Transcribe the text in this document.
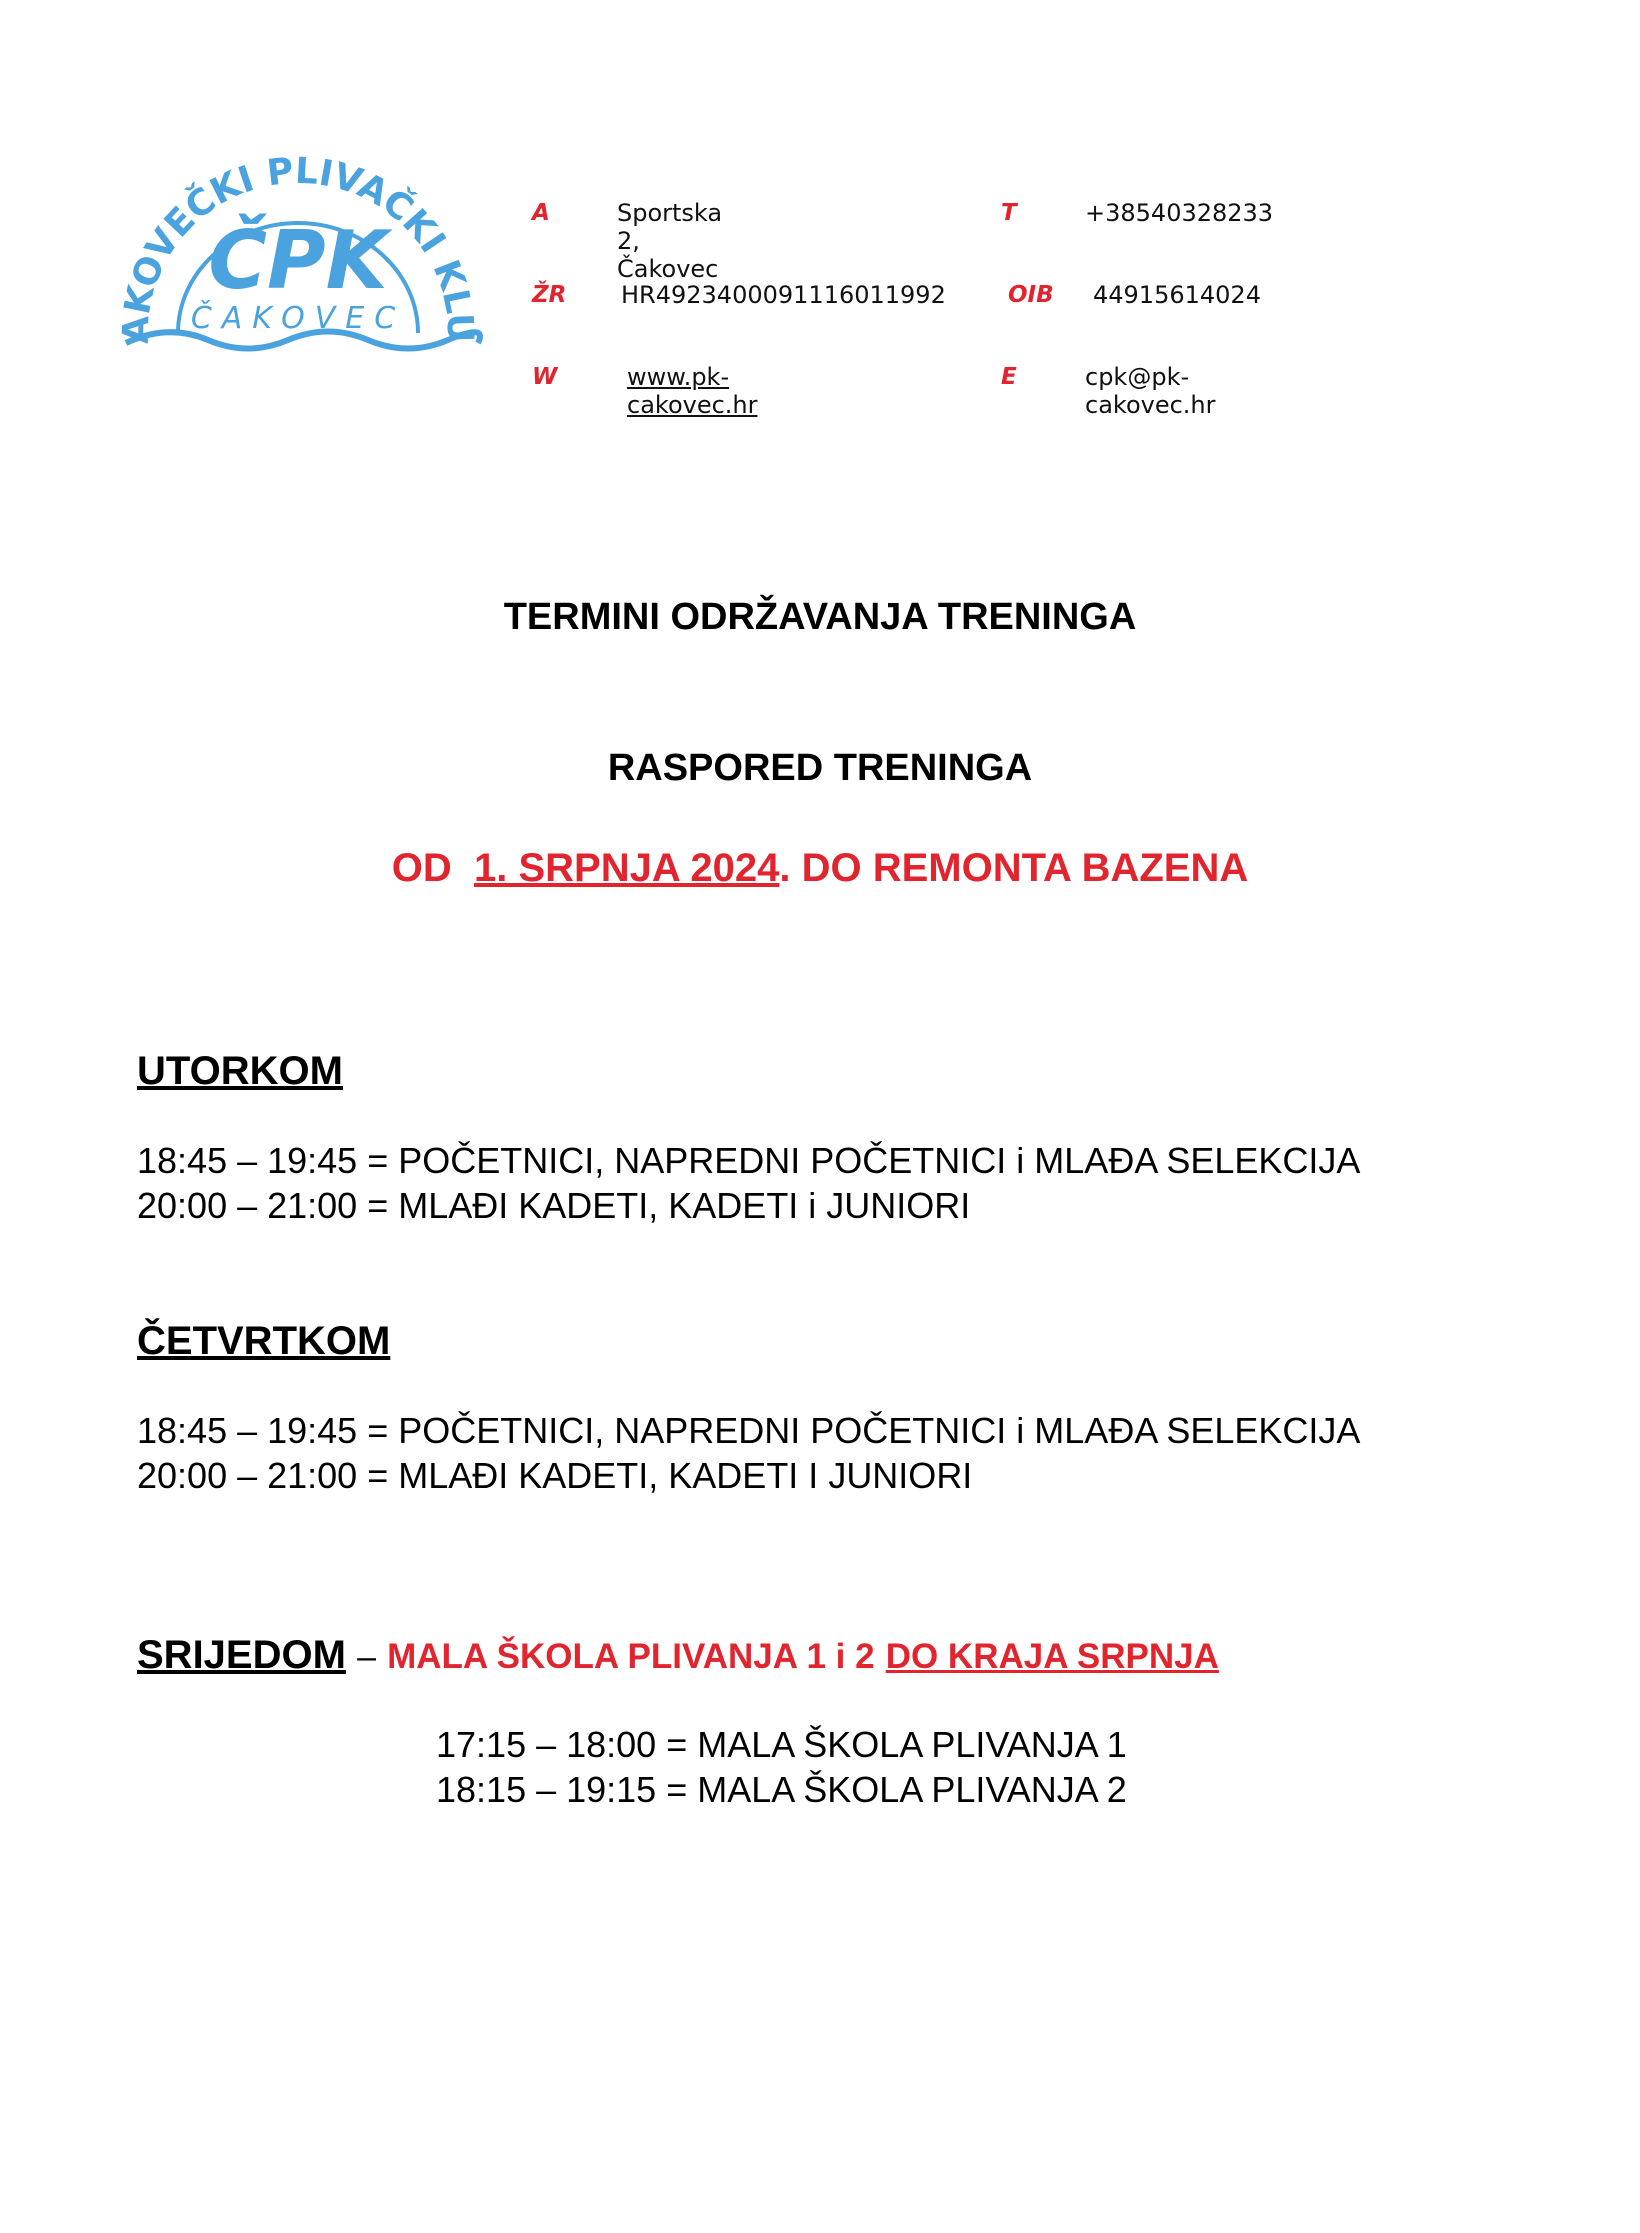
AKOVEČKI PLIVAČKI KLU
ČPK
ČAKOVEC
A	Sportska 2, Čakovec
T	+38540328233
ŽR HR4923400091116011992	OIB 44915614024
W	www.pk-cakovec.hr
E	cpk@pk-cakovec.hr
TERMINI ODRŽAVANJA TRENINGA
RASPORED TRENINGA
OD 1. SRPNJA 2024. DO REMONTA BAZENA
UTORKOM
18:45 – 19:45 = POČETNICI, NAPREDNI POČETNICI i MLAĐA SELEKCIJA
20:00 – 21:00 = MLAĐI KADETI, KADETI i JUNIORI
ČETVRTKOM
18:45 – 19:45 = POČETNICI, NAPREDNI POČETNICI i MLAĐA SELEKCIJA
20:00 – 21:00 = MLAĐI KADETI, KADETI I JUNIORI
SRIJEDOM – MALA ŠKOLA PLIVANJA 1 i 2 DO KRAJA SRPNJA
17:15 – 18:00 = MALA ŠKOLA PLIVANJA 1
18:15 – 19:15 = MALA ŠKOLA PLIVANJA 2
